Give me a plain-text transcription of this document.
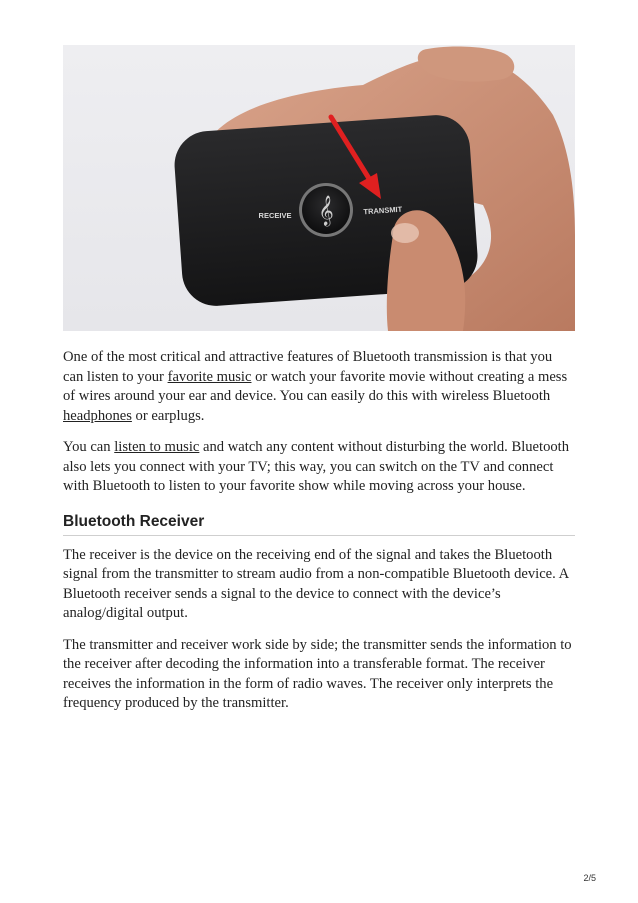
𝄞
RECEIVE	TRANSMIT

One of the most critical and attractive features of Bluetooth transmission is that you can listen to your favorite music or watch your favorite movie without creating a mess of wires around your ear and device. You can easily do this with wireless Bluetooth headphones or earplugs.

You can listen to music and watch any content without disturbing the world. Bluetooth also lets you connect with your TV; this way, you can switch on the TV and connect with Bluetooth to listen to your favorite show while moving across your house.

Bluetooth Receiver

The receiver is the device on the receiving end of the signal and takes the Bluetooth signal from the transmitter to stream audio from a non-compatible Bluetooth device. A Bluetooth receiver sends a signal to the device to connect with the device’s analog/digital output.

The transmitter and receiver work side by side; the transmitter sends the information to the receiver after decoding the information into a transferable format. The receiver receives the information in the form of radio waves. The receiver only interprets the frequency produced by the transmitter.

2/5
